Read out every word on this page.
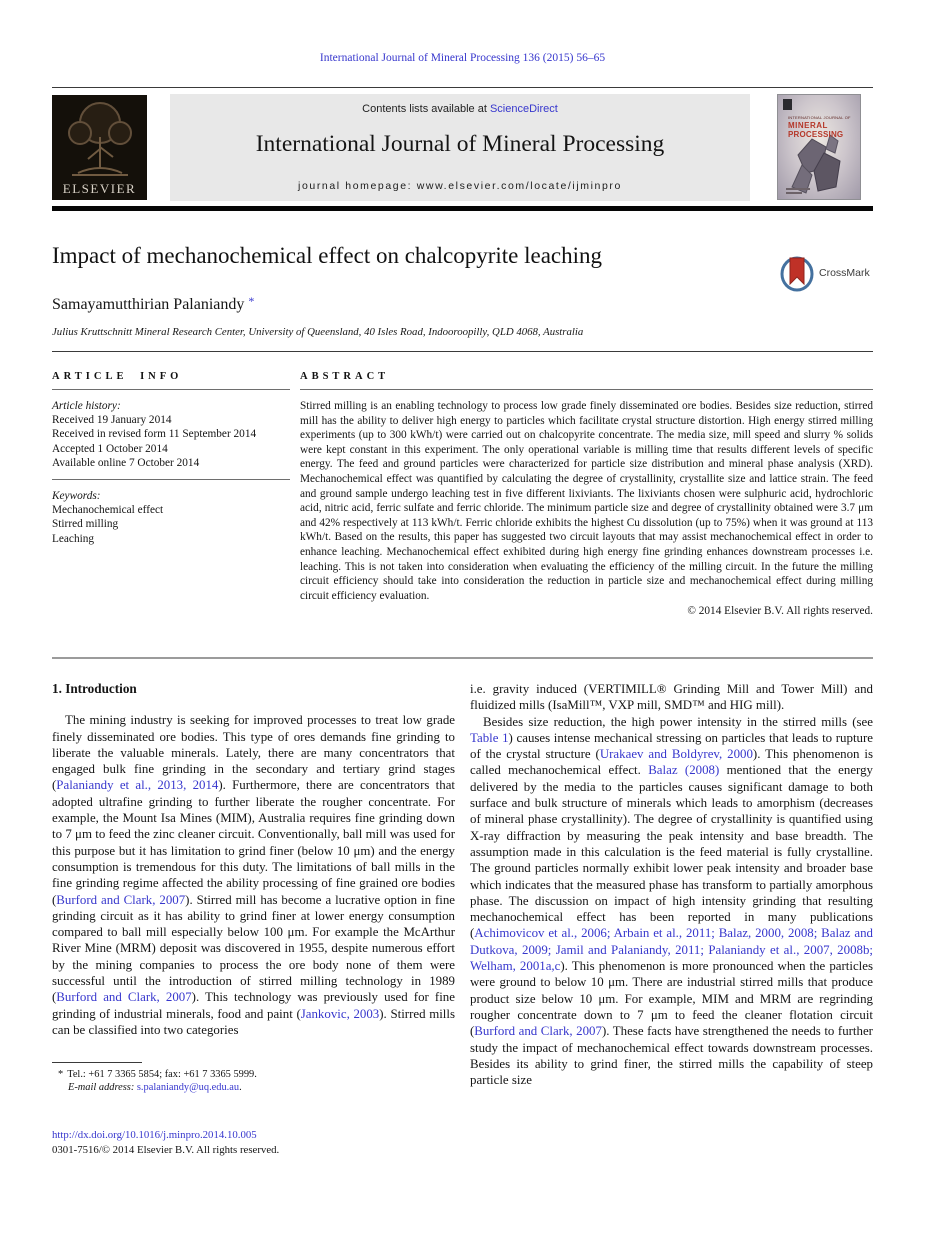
International Journal of Mineral Processing 136 (2015) 56–65
ELSEVIER
Contents lists available at ScienceDirect
International Journal of Mineral Processing
journal homepage: www.elsevier.com/locate/ijminpro
INTERNATIONAL JOURNAL OF
MINERAL
PROCESSING
Impact of mechanochemical effect on chalcopyrite leaching
CrossMark
Samayamutthirian Palaniandy *
Julius Kruttschnitt Mineral Research Center, University of Queensland, 40 Isles Road, Indooroopilly, QLD 4068, Australia
ARTICLE INFO
Article history:
Received 19 January 2014
Received in revised form 11 September 2014
Accepted 1 October 2014
Available online 7 October 2014
Keywords:
Mechanochemical effect
Stirred milling
Leaching
ABSTRACT
Stirred milling is an enabling technology to process low grade finely disseminated ore bodies. Besides size reduction, stirred mill has the ability to deliver high energy to particles which facilitate crystal structure distortion. High energy stirred milling experiments (up to 300 kWh/t) were carried out on chalcopyrite concentrate. The media size, mill speed and slurry % solids were kept constant in this experiment. The only operational variable is milling time that results different levels of specific energy. The feed and ground particles were characterized for particle size distribution and mineral phase analysis (XRD). Mechanochemical effect was quantified by calculating the degree of crystallinity, crystallite size and lattice strain. The feed and ground sample undergo leaching test in five different lixiviants. The lixiviants chosen were sulphuric acid, hydrochloric acid, nitric acid, ferric sulfate and ferric chloride. The minimum particle size and degree of crystallinity obtained were 3.7 μm and 42% respectively at 113 kWh/t. Ferric chloride exhibits the highest Cu dissolution (up to 75%) when it was ground at 113 kWh/t. Based on the results, this paper has suggested two circuit layouts that may assist mechanochemical effect in order to enhance leaching. Mechanochemical effect exhibited during high energy fine grinding enhances downstream processes i.e. leaching. This is not taken into consideration when evaluating the efficiency of the milling circuit. In the future the milling circuit efficiency should take into consideration the reduction in particle size and mechanochemical effect during milling circuit efficiency evaluation.
© 2014 Elsevier B.V. All rights reserved.
1. Introduction
The mining industry is seeking for improved processes to treat low grade finely disseminated ore bodies. This type of ores demands fine grinding to liberate the valuable minerals. Lately, there are many concentrators that engaged bulk fine grinding in the secondary and tertiary grind stages (Palaniandy et al., 2013, 2014). Furthermore, there are concentrators that adopted ultrafine grinding to further liberate the rougher concentrate. For example, the Mount Isa Mines (MIM), Australia requires fine grinding down to 7 μm to feed the zinc cleaner circuit. Conventionally, ball mill was used for this purpose but it has limitation to grind finer (below 10 μm) and the energy consumption is tremendous for this duty. The limitations of ball mills in the fine grinding regime affected the ability processing of fine grained ore bodies (Burford and Clark, 2007). Stirred mill has become a lucrative option in fine grinding circuit as it has ability to grind finer at lower energy consumption compared to ball mill especially below 100 μm. For example the McArthur River Mine (MRM) deposit was discovered in 1955, despite numerous effort by the mining companies to process the ore body none of them were successful until the introduction of stirred milling technology in 1989 (Burford and Clark, 2007). This technology was previously used for fine grinding of industrial minerals, food and paint (Jankovic, 2003). Stirred mills can be classified into two categories
i.e. gravity induced (VERTIMILL® Grinding Mill and Tower Mill) and fluidized mills (IsaMill™, VXP mill, SMD™ and HIG mill).
Besides size reduction, the high power intensity in the stirred mills (see Table 1) causes intense mechanical stressing on particles that leads to rupture of the crystal structure (Urakaev and Boldyrev, 2000). This phenomenon is called mechanochemical effect. Balaz (2008) mentioned that the energy delivered by the media to the particles causes significant damage to both surface and bulk structure of minerals which leads to amorphism (decreases of mineral phase crystallinity). The degree of crystallinity is quantified using X-ray diffraction by measuring the peak intensity and base breadth. The assumption made in this calculation is the feed material is fully crystalline. The ground particles normally exhibit lower peak intensity and broader base which indicates that the measured phase has transform to partially amorphous phase. The discussion on impact of high intensity grinding that resulting mechanochemical effect has been reported in many publications (Achimovicov et al., 2006; Arbain et al., 2011; Balaz, 2000, 2008; Balaz and Dutkova, 2009; Jamil and Palaniandy, 2011; Palaniandy et al., 2007, 2008b; Welham, 2001a,c). This phenomenon is more pronounced when the particles were ground to below 10 μm. There are industrial stirred mills that produce product size below 10 μm. For example, MIM and MRM are regrinding rougher concentrate down to 7 μm to feed the cleaner flotation circuit (Burford and Clark, 2007). These facts have strengthened the needs to further study the impact of mechanochemical effect towards downstream processes. Besides its ability to grind finer, the stirred mills the capability of steep particle size
* Tel.: +61 7 3365 5854; fax: +61 7 3365 5999.
E-mail address: s.palaniandy@uq.edu.au.
http://dx.doi.org/10.1016/j.minpro.2014.10.005
0301-7516/© 2014 Elsevier B.V. All rights reserved.
